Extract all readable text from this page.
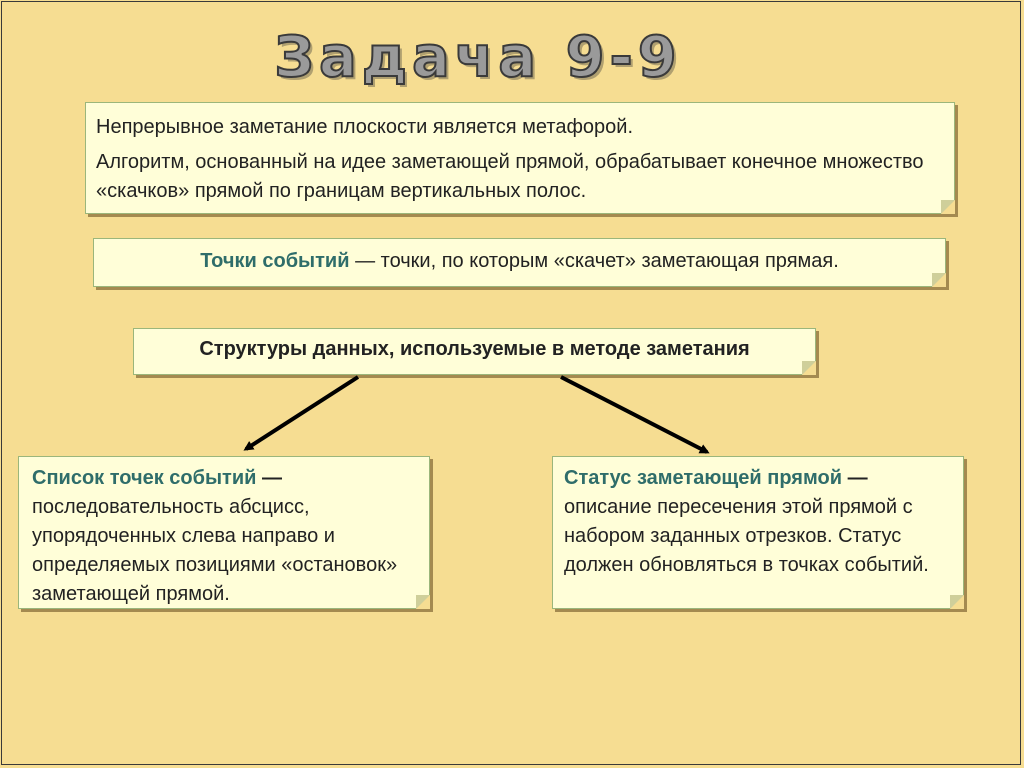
Задача 9-9

Непрерывное заметание плоскости является метафорой.

Алгоритм, основанный на идее заметающей прямой, обрабатывает конечное множество «скачков» прямой по границам вертикальных полос.

Точки событий — точки, по которым «скачет» заметающая прямая.
Структуры данных, используемые в методе заметания
Список точек событий —
последовательность абсцисс, упорядоченных слева направо и определяемых позициями «остановок» заметающей прямой.
Статус заметающей прямой —
описание пересечения этой прямой с набором заданных отрезков. Статус должен обновляться в точках событий.
